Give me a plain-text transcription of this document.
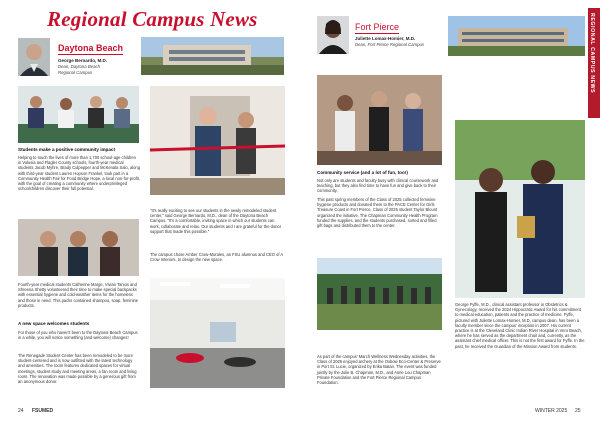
Regional Campus News
Daytona Beach
George Bernardo, M.D.
Dean, Daytona Beach Regional Campus
Students make a positive community impact

Helping to touch the lives of more than 1,700 school-age children in Volusia and Flagler County schools, fourth-year medical students Jacob Myhre, Brady Culpepper and McKenala Salo, along with third-year student Lauren Hopson Frankel, took part in a Community Health Fair for Food Bridge Hope, a local non-for-profit, with the goal of creating a community where underprivileged schoolchildren discover their full potential.

Fourth-year medical students Catherine Marge, Vivian Tanios and Shreena Shetty volunteered their time to make special backpacks with essential hygiene and cold-weather items for the homeless and those in need. This packs contained shampoo, soap, feminine products.

A new space welcomes students

For those of you who haven't been to the Daytona Beach Campus in a while, you will notice something (and welcome) changes!

The Renegade Student Center has been remodeled to be more student-centered and is now outfitted with the latest technology and amenities. The room features dedicated spaces for virtual meetings, student study and meeting areas, a fan room and living room. The renovation was made possible by a generous gift from an anonymous donor.

"It's really exciting to see our students in the newly remodeled student center," said George Bernardo, M.D., dean of the Daytona Beach Campus. "It's a comfortable, inviting space in which our students can work, collaborate and relax. Our students and I are grateful for the donor support that made this possible."

The campus chose Amber Crow-Morales, an FSU alumnus and CEO of A Crow Interiors, to design the new space.

24 FSUMED
Fort Pierce
Juliette Lomax-Homier, M.D.
Dean, Fort Pierce Regional Campus
Community service (and a lot of fun, too!)

Not only are students and faculty busy with clinical coursework and teaching, but they also find time to have fun and give back to their community.

This past spring members of the Class of 2025 collected feminine hygiene products and donated them to the PACE Center for Girls Treasure Coast in Fort Pierce. Class of 2025 student Taylor Blount organized the initiative. The Chapman Community Health Program funded the supplies, and the students purchased, sorted and filled gift bags and distributed them to the center.

As part of the campus' March Wellness Wednesday activities, the Class of 2025 enjoyed archery at the Oxbow Eco-Center & Preserve in Port St. Lucie, organized by Erika Batan. The event was funded jointly by the Julie B. Chapman, M.D., and Anne Lou Chapman Private Foundation and the Fort Pierce Regional Campus Foundation.

George Fyffe, M.D., clinical assistant professor in Obstetrics & Gynecology, received the 2024 Hippocratic Award for his commitment to medical education, patients and the practice of medicine. Fyffe, pictured with Juliette Lomax-Homier, M.D, campus dean, has been a faculty member since the campus' inception in 2007. His current practice is at the Cleveland Clinic Indian River Hospital in Vero Beach, where he has served as the department chair and, currently, as the assistant chief medical officer. This is not the first award for Fyffe. In the past, he received the Guardian of the Mission Award from students.

WINTER 2025 25
REGIONAL CAMPUS NEWS
